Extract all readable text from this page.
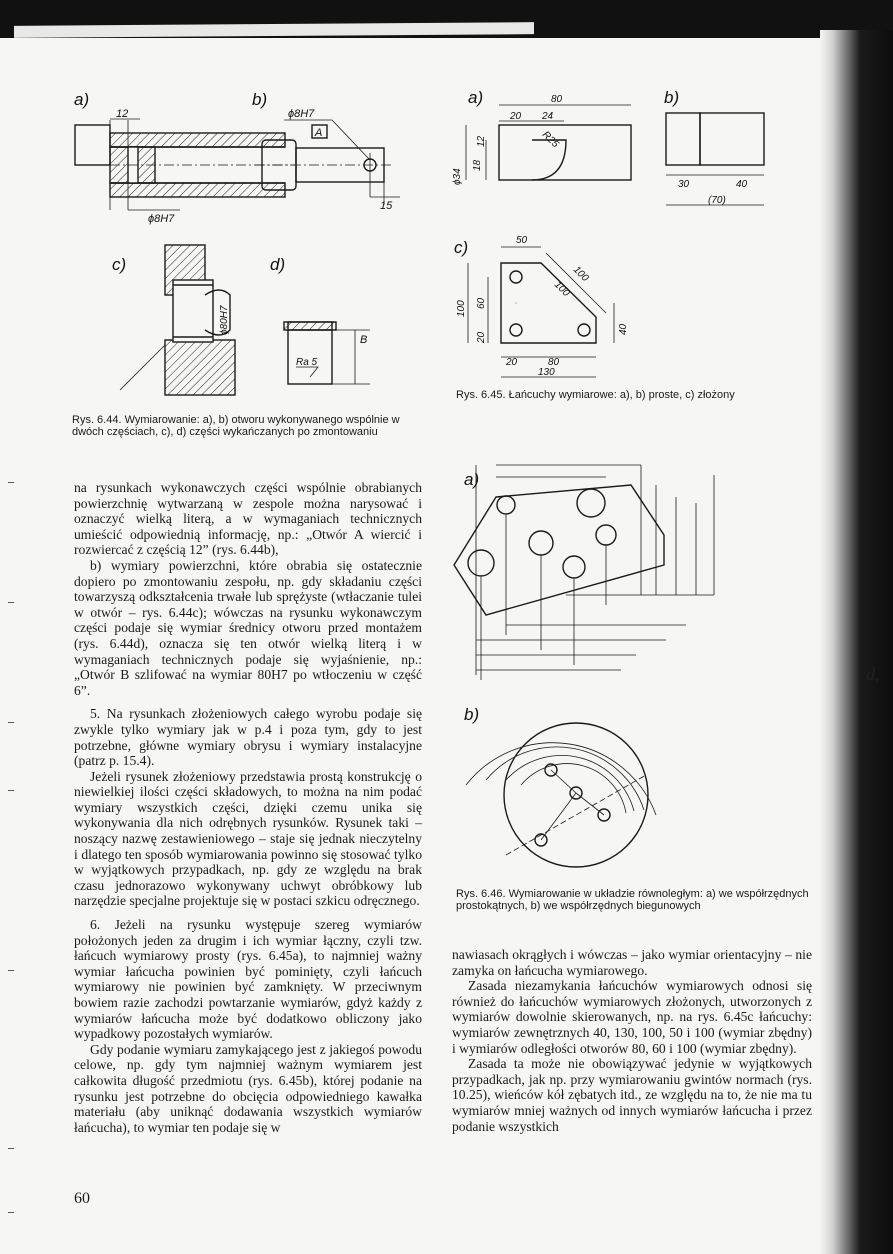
d,
a)
12
ϕ8H7
b)
ϕ8H7
A
15
c)
ϕ80H7
d)
Ra 5
B
Rys. 6.44. Wymiarowanie: a), b) otworu wykonywanego wspólnie w dwóch częściach, c), d) części wykańczanych po zmontowaniu
a)	80
20 24
R25
ϕ34
18
12
b)
30	40
(70)
c)	50
100
100
100 60
20
40
20	80
130
Rys. 6.45. Łańcuchy wymiarowe: a), b) proste, c) złożony
a)
b)
Rys. 6.46. Wymiarowanie w układzie równoległym: a) we współrzędnych prostokątnych, b) we współrzędnych biegunowych

na rysunkach wykonawczych części wspólnie obrabianych powierzchnię wytwarzaną w zespole można narysować i oznaczyć wielką literą, a w wymaganiach technicznych umieścić odpowiednią informację, np.: „Otwór A wiercić i rozwiercać z częścią 12” (rys. 6.44b),

b) wymiary powierzchni, które obrabia się ostatecznie dopiero po zmontowaniu zespołu, np. gdy składaniu części towarzyszą odkształcenia trwałe lub sprężyste (wtłaczanie tulei w otwór – rys. 6.44c); wówczas na rysunku wykonawczym części podaje się wymiar średnicy otworu przed montażem (rys. 6.44d), oznacza się ten otwór wielką literą i w wymaganiach technicznych podaje się wyjaśnienie, np.: „Otwór B szlifować na wymiar 80H7 po wtłoczeniu w część 6”.

5. Na rysunkach złożeniowych całego wyrobu podaje się zwykle tylko wymiary jak w p.4 i poza tym, gdy to jest potrzebne, główne wymiary obrysu i wymiary instalacyjne (patrz p. 15.4).

Jeżeli rysunek złożeniowy przedstawia prostą konstrukcję o niewielkiej ilości części składowych, to można na nim podać wymiary wszystkich części, dzięki czemu unika się wykonywania dla nich odrębnych rysunków. Rysunek taki – noszący nazwę zestawieniowego – staje się jednak nieczytelny i dlatego ten sposób wymiarowania powinno się stosować tylko w wyjątkowych przypadkach, np. gdy ze względu na brak czasu jednorazowo wykonywany uchwyt obróbkowy lub narzędzie specjalne projektuje się w postaci szkicu odręcznego.

6. Jeżeli na rysunku występuje szereg wymiarów położonych jeden za drugim i ich wymiar łączny, czyli tzw. łańcuch wymiarowy prosty (rys. 6.45a), to najmniej ważny wymiar łańcucha powinien być pominięty, czyli łańcuch wymiarowy nie powinien być zamknięty. W przeciwnym bowiem razie zachodzi powtarzanie wymiarów, gdyż każdy z wymiarów łańcucha może być dodatkowo obliczony jako wypadkowy pozostałych wymiarów.

Gdy podanie wymiaru zamykającego jest z jakiegoś powodu celowe, np. gdy tym najmniej ważnym wymiarem jest całkowita długość przedmiotu (rys. 6.45b), której podanie na rysunku jest potrzebne do obcięcia odpowiedniego kawałka materiału (aby uniknąć dodawania wszystkich wymiarów łańcucha), to wymiar ten podaje się w

nawiasach okrągłych i wówczas – jako wymiar orientacyjny – nie zamyka on łańcucha wymiarowego.

Zasada niezamykania łańcuchów wymiarowych odnosi się również do łańcuchów wymiarowych złożonych, utworzonych z wymiarów dowolnie skierowanych, np. na rys. 6.45c łańcuchy: wymiarów zewnętrznych 40, 130, 100, 50 i 100 (wymiar zbędny) i wymiarów odległości otworów 80, 60 i 100 (wymiar zbędny).

Zasada ta może nie obowiązywać jedynie w wyjątkowych przypadkach, jak np. przy wymiarowaniu gwintów normach (rys. 10.25), wieńców kół zębatych itd., ze względu na to, że nie ma tu wymiarów mniej ważnych od innych wymiarów łańcucha i przez podanie wszystkich

60
